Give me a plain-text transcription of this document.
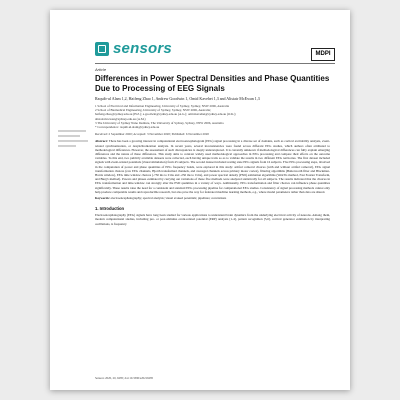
sensors	MDPI
Article
Differences in Power Spectral Densities and Phase Quantities Due to Processing of EEG Signals
Raquib-ul Alam 1,2, Haifeng Zhao 1, Andrew Goodwin 1, Omid Kavehei 1,3 and Alistair McEwan 1,3
1 School of Electrical and Information Engineering, University of Sydney, Sydney, NSW 2006, Australia
2 School of Biomedical Engineering, University of Sydney, Sydney, NSW 2006, Australia;
haifeng.zhao@sydney.edu.au (H.Z.); a.goodwin@sydney.edu.au (A.G.); omid.kavehei@sydney.edu.au (O.K.);
alistair.mcewan@sydney.edu.au (A.M.)
3 The University of Sydney Nano Institute, The University of Sydney, Sydney, NSW 2006, Australia
* Correspondence: raquib.ul.alam@sydney.edu.au
Received: 2 September 2020; Accepted: 3 November 2020; Published: 6 November 2020

Abstract: There has been a growing interest in computational electroencephalogram (EEG) signal processing in a diverse set of domains, such as cortical excitability analysis, event-related synchronization, or desynchronization analysis. In recent years, several inconsistencies were found across different EEG studies, which authors often attributed to methodological differences. However, the assessment of such discrepancies is deeply underexplored. It is currently unknown if methodological differences can fully explain emerging differences and the nature of these differences. This study aims to contrast widely used methodological approaches in EEG processing and compare their effects on the outcome variables. To this end, two publicly available datasets were collected, each having unique traits so as to validate the results in two different EEG territories. The first dataset included signals with event-related potentials (visual stimulation) from 45 subjects. The second dataset included resting state EEG signals from 16 subjects. Five EEG processing steps, involved in the computation of power and phase quantities of EEG frequency bands, were explored in this study: artifact removal choices (with and without artifact removal), EEG signal transformation choices (raw EEG channels, Hjorth transformed channels, and averaged channels across primary motor cortex), filtering algorithms (Butterworth filter and Blackman-Harris window), EEG time window choices (-750 ms to 0 ms and -250 ms to 0 ms), and power spectral density (PSD) estimation algorithms (Welch's method, Fast Fourier Transform, and Burg's method). Powers and phases estimated by carrying out variations of these five methods were analyzed statistically for all subjects. The results indicated that the choices in EEG transformation and time-window can strongly alter the PSD quantities in a variety of ways. Additionally, EEG transformation and filter choices can influence phase quantities significantly. These results raise the need for a consistent and standard EEG processing pipeline for computational EEG studies. Consistency of signal processing methods cannot only help produce comparable results and reproducible research, but also pave the way for federated machine learning methods, e.g., where model parameters rather than data are shared.

Keywords: electroencephalography; spectral analysis; visual evoked potentials; pipelines; correlations
1. Introduction

Electroencephalography (EEG) signals have long been studied for various applications to understand brain dynamics from the underlying electrical activity of neurons. Among them, modern computational studies, including pre- or post-stimulus event-related potential (ERP) analysis [1-4], pattern recognition [5,6], cortical generator estimation by interpreting oscillations, is frequency

Sensors 2020, 20, 6285; doi:10.3390/s20216285
